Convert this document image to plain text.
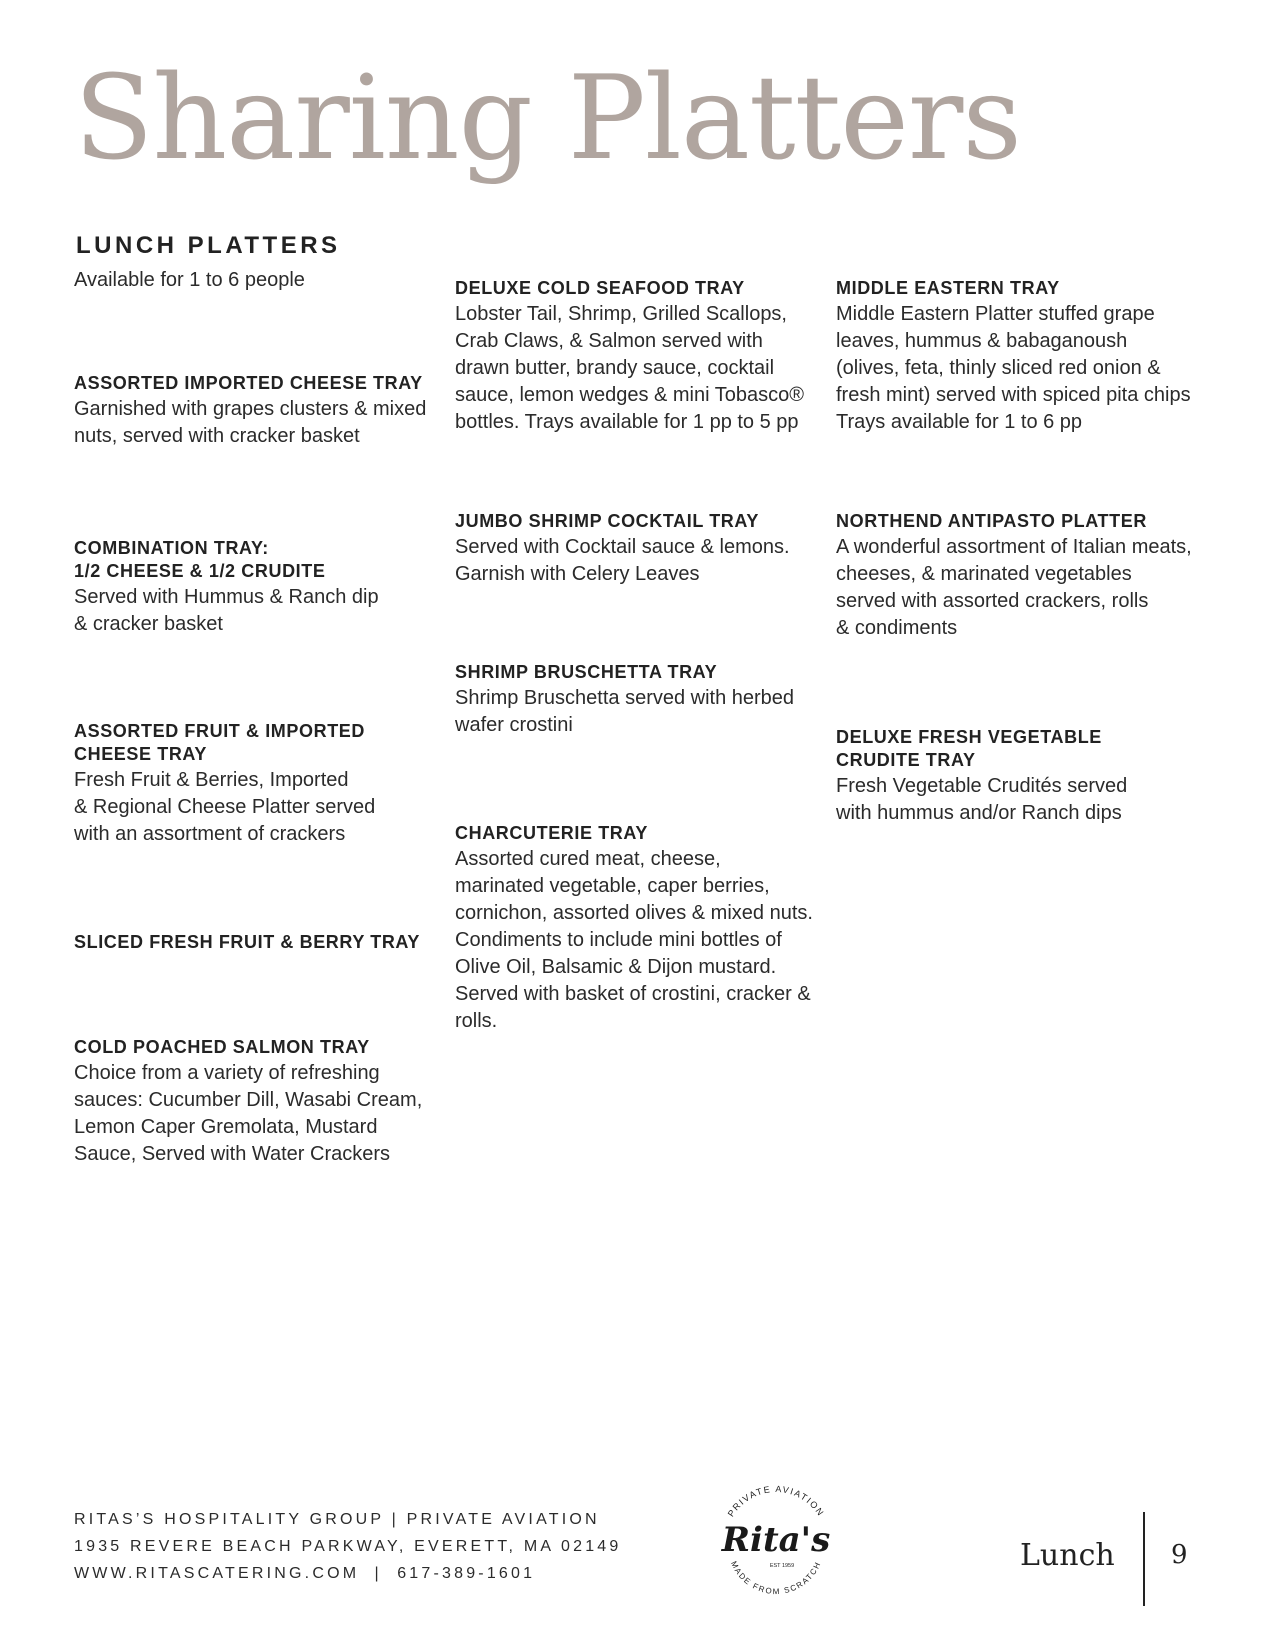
Sharing Platters
LUNCH PLATTERS
Available for 1 to 6 people
ASSORTED IMPORTED CHEESE TRAY
Garnished with grapes clusters & mixed nuts, served with cracker basket
COMBINATION TRAY:
1/2 CHEESE & 1/2 CRUDITE
Served with Hummus & Ranch dip
& cracker basket
ASSORTED FRUIT & IMPORTED
CHEESE TRAY
Fresh Fruit & Berries, Imported
& Regional Cheese Platter served
with an assortment of crackers
SLICED FRESH FRUIT & BERRY TRAY
COLD POACHED SALMON TRAY
Choice from a variety of refreshing sauces: Cucumber Dill, Wasabi Cream, Lemon Caper Gremolata, Mustard Sauce, Served with Water Crackers
DELUXE COLD SEAFOOD TRAY
Lobster Tail, Shrimp, Grilled Scallops, Crab Claws, & Salmon served with drawn butter, brandy sauce, cocktail sauce, lemon wedges & mini Tobasco® bottles. Trays available for 1 pp to 5 pp
JUMBO SHRIMP COCKTAIL TRAY
Served with Cocktail sauce & lemons. Garnish with Celery Leaves
SHRIMP BRUSCHETTA TRAY
Shrimp Bruschetta served with herbed wafer crostini
CHARCUTERIE TRAY
Assorted cured meat, cheese, marinated vegetable, caper berries, cornichon, assorted olives & mixed nuts. Condiments to include mini bottles of Olive Oil, Balsamic & Dijon mustard. Served with basket of crostini, cracker & rolls.
MIDDLE EASTERN TRAY
Middle Eastern Platter stuffed grape leaves, hummus & babaganoush (olives, feta, thinly sliced red onion & fresh mint) served with spiced pita chips
Trays available for 1 to 6 pp
NORTHEND ANTIPASTO PLATTER
A wonderful assortment of Italian meats, cheeses, & marinated vegetables served with assorted crackers, rolls
& condiments
DELUXE FRESH VEGETABLE
CRUDITE TRAY
Fresh Vegetable Crudités served
with hummus and/or Ranch dips
RITAS’S HOSPITALITY GROUP | PRIVATE AVIATION
1935 REVERE BEACH PARKWAY, EVERETT, MA 02149
WWW.RITASCATERING.COM  |  617-389-1601
PRIVATE AVIATION
Rita's
EST 1959
MADE FROM SCRATCH	Lunch 9
